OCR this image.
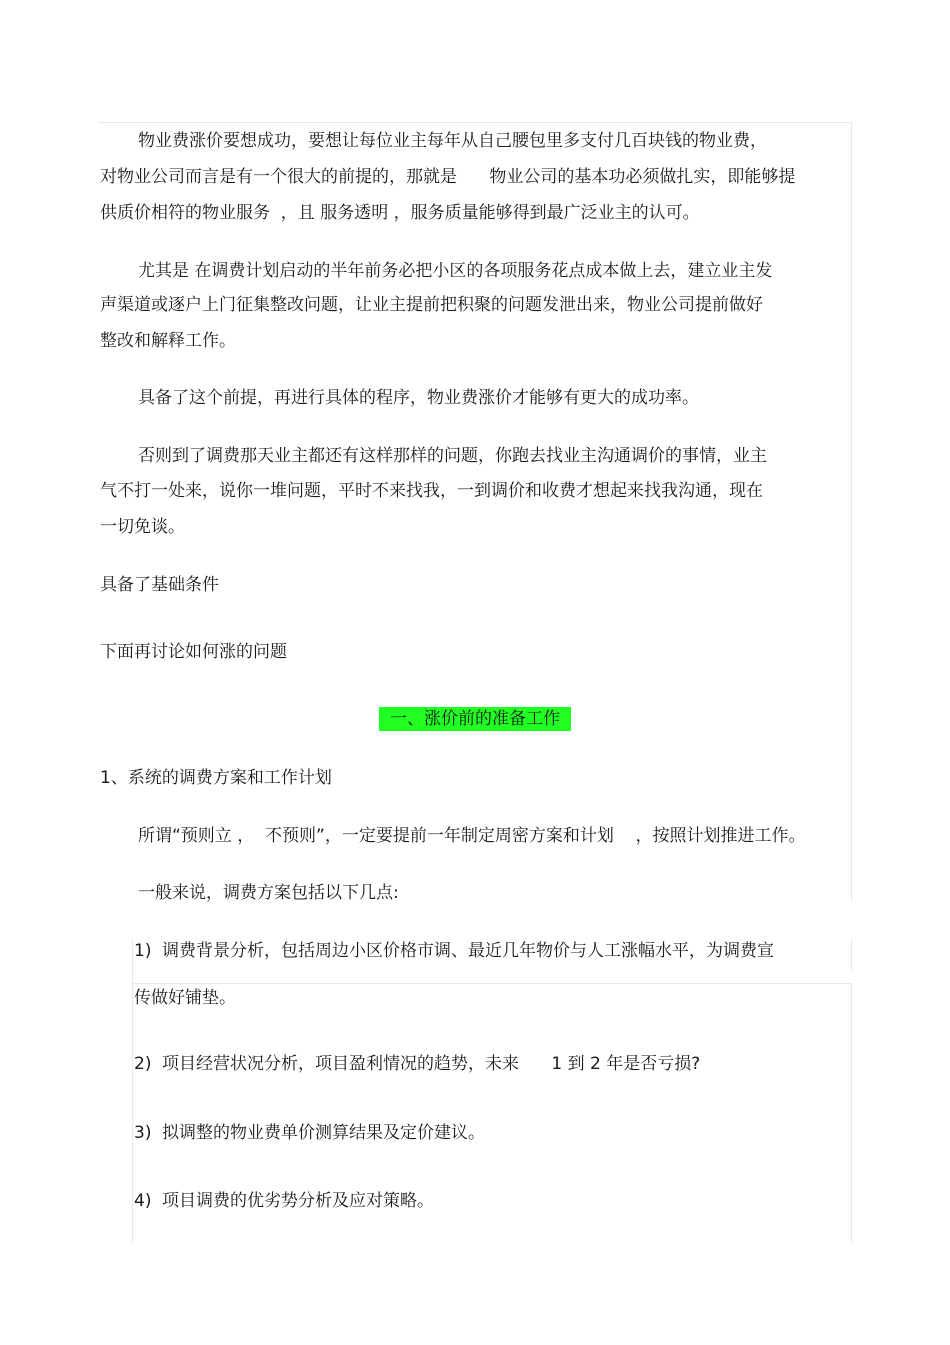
物业费涨价要想成功，要想让每位业主每年从自己腰包里多支付几百块钱的物业费，
对物业公司而言是有一个很大的前提的，那就是      物业公司的基本功必须做扎实，即能够提
供质价相符的物业服务  ，且 服务透明 ，服务质量能够得到最广泛业主的认可。
尤其是 在调费计划启动的半年前务必把小区的各项服务花点成本做上去，建立业主发
声渠道或逐户上门征集整改问题，让业主提前把积聚的问题发泄出来，物业公司提前做好
整改和解释工作。
具备了这个前提，再进行具体的程序，物业费涨价才能够有更大的成功率。
否则到了调费那天业主都还有这样那样的问题，你跑去找业主沟通调价的事情，业主
气不打一处来，说你一堆问题，平时不来找我，一到调价和收费才想起来找我沟通，现在
一切免谈。
具备了基础条件
下面再讨论如何涨的问题
一、涨价前的准备工作
1、系统的调费方案和工作计划
所谓“预则立 ，  不预则”，一定要提前一年制定周密方案和计划    ，按照计划推进工作。
一般来说，调费方案包括以下几点:
1) 调费背景分析，包括周边小区价格市调、最近几年物价与人工涨幅水平，为调费宣
传做好铺垫。
2) 项目经营状况分析，项目盈利情况的趋势，未来      1 到 2 年是否亏损?
3) 拟调整的物业费单价测算结果及定价建议。
4) 项目调费的优劣势分析及应对策略。
